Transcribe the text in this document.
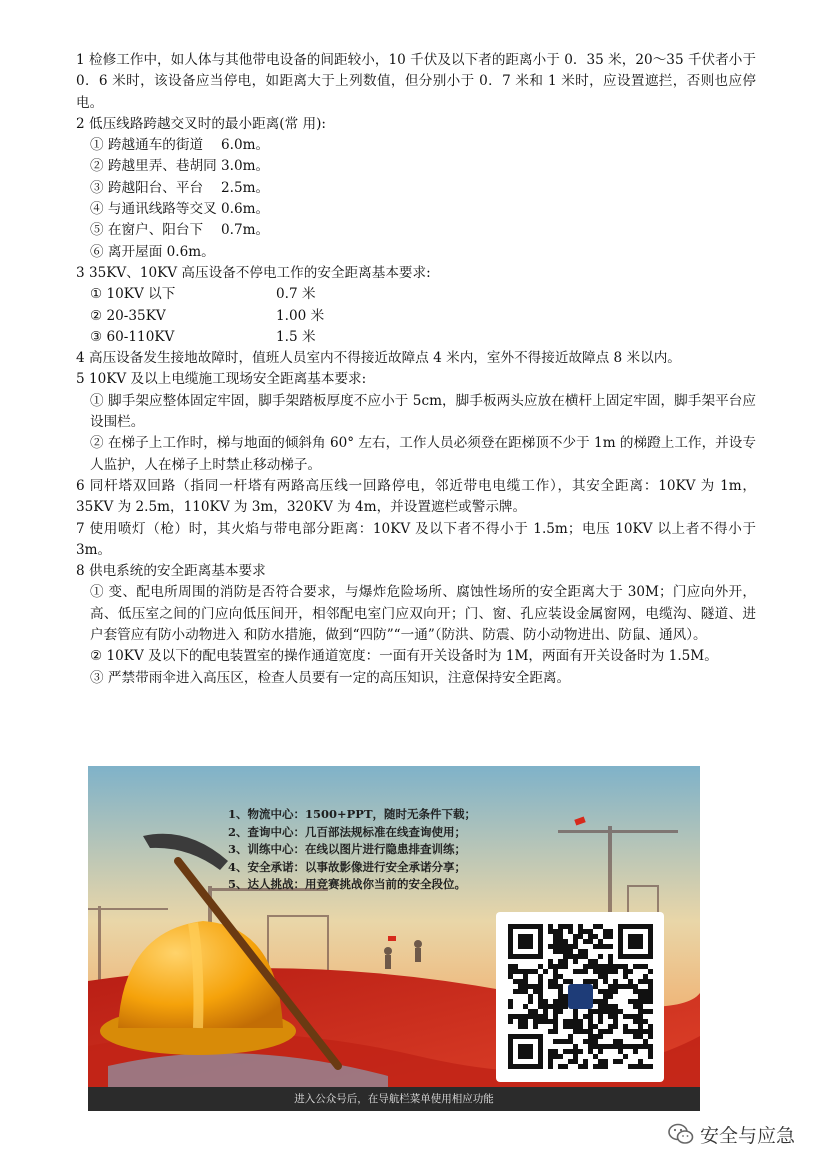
1 检修工作中，如人体与其他带电设备的间距较小，10 千伏及以下者的距离小于 0．35 米，20～35 千伏者小于 0．6 米时，该设备应当停电，如距离大于上列数值，但分别小于 0．7 米和 1 米时，应设置遮拦，否则也应停电。

2 低压线路跨越交叉时的最小距离(常 用):

① 跨越通车的街道　 6.0m。

② 跨越里弄、巷胡同 3.0m。

③ 跨越阳台、平台　 2.5m。

④ 与通讯线路等交叉 0.6m。

⑤ 在窗户、阳台下　 0.7m。

⑥ 离开屋面 0.6m。

3 35KV、10KV 高压设备不停电工作的安全距离基本要求:

① 10KV 以下	0.7 米
② 20-35KV	1.00 米
③ 60-110KV	1.5 米

4 高压设备发生接地故障时，值班人员室内不得接近故障点 4 米内，室外不得接近故障点 8 米以内。

5 10KV 及以上电缆施工现场安全距离基本要求:

① 脚手架应整体固定牢固，脚手架踏板厚度不应小于 5cm，脚手板两头应放在横杆上固定牢固，脚手架平台应设围栏。

② 在梯子上工作时，梯与地面的倾斜角 60° 左右，工作人员必须登在距梯顶不少于 1m 的梯蹬上工作，并设专人监护，人在梯子上时禁止移动梯子。

6 同杆塔双回路（指同一杆塔有两路高压线一回路停电，邻近带电电缆工作），其安全距离：10KV 为 1m，35KV 为 2.5m，110KV 为 3m，320KV 为 4m，并设置遮栏或警示牌。

7 使用喷灯（枪）时，其火焰与带电部分距离：10KV 及以下者不得小于 1.5m；电压 10KV 以上者不得小于 3m。

8 供电系统的安全距离基本要求

① 变、配电所周围的消防是否符合要求，与爆炸危险场所、腐蚀性场所的安全距离大于 30M；门应向外开，高、低压室之间的门应向低压间开，相邻配电室门应双向开；门、窗、孔应装设金属窗网，电缆沟、隧道、进户套管应有防小动物进入 和防水措施，做到“四防”“一通”（防洪、防震、防小动物进出、防鼠、通风）。

② 10KV 及以下的配电装置室的操作通道宽度：一面有开关设备时为 1M，两面有开关设备时为 1.5M。

③ 严禁带雨伞进入高压区，检查人员要有一定的高压知识，注意保持安全距离。

1、物流中心：1500+PPT，随时无条件下载；
2、查询中心：几百部法规标准在线查询使用；
3、训练中心：在线以图片进行隐患排查训练；
4、安全承诺：以事故影像进行安全承诺分享；
5、达人挑战：用竞赛挑战你当前的安全段位。
进入公众号后，在导航栏菜单使用相应功能
安全与应急
